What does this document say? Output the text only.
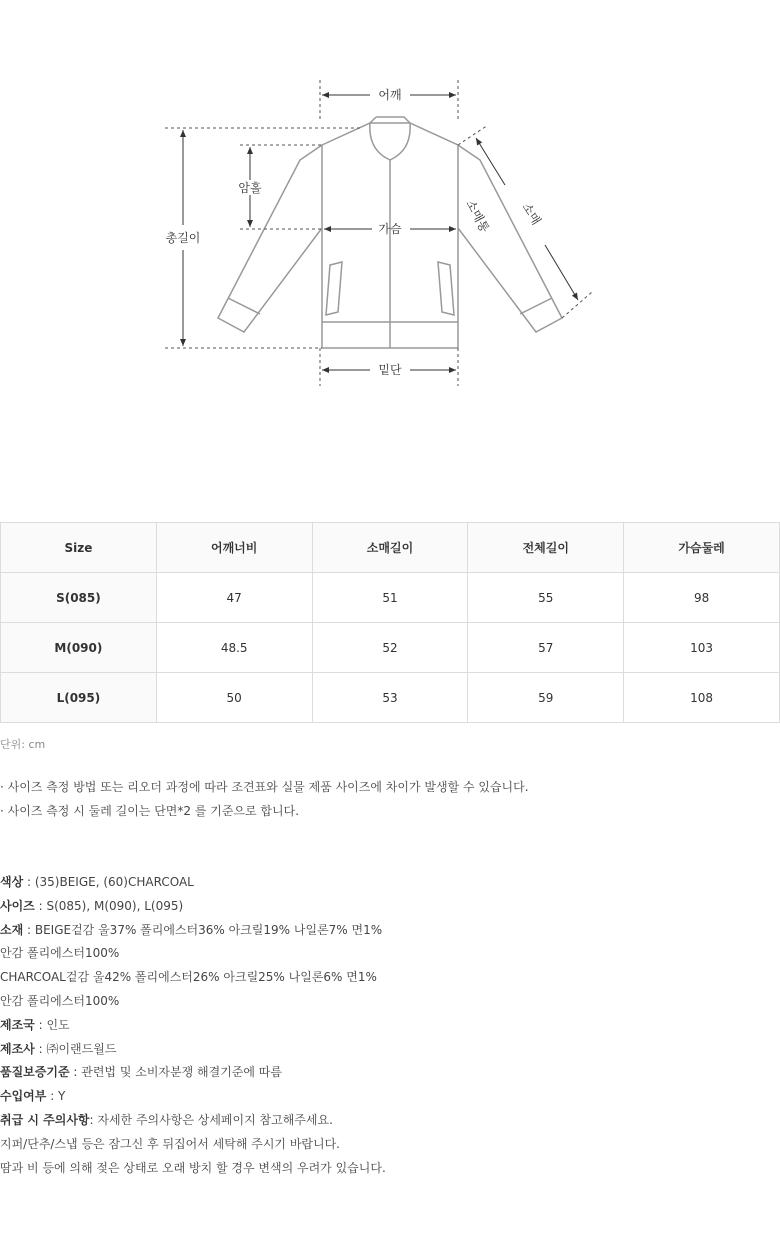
어깨
총길이
암홀
가슴
밑단
소매통 소매
Size	어깨너비	소매길이	전체길이	가슴둘레
S(085)	47	51	55	98
M(090)	48.5	52	57	103
L(095)	50	53	59	108
단위: cm
· 사이즈 측정 방법 또는 리오더 과정에 따라 조견표와 실물 제품 사이즈에 차이가 발생할 수 있습니다.
· 사이즈 측정 시 둘레 길이는 단면*2 를 기준으로 합니다.
색상 : (35)BEIGE, (60)CHARCOAL
사이즈 : S(085), M(090), L(095)
소재 : BEIGE겉감 울37% 폴리에스터36% 아크릴19% 나일론7% 면1%
안감 폴리에스터100%
CHARCOAL겉감 울42% 폴리에스터26% 아크릴25% 나일론6% 면1%
안감 폴리에스터100%
제조국 : 인도
제조사 : ㈜이랜드월드
품질보증기준 : 관련법 및 소비자분쟁 해결기준에 따름
수입여부 : Y
취급 시 주의사항: 자세한 주의사항은 상세페이지 참고해주세요.
지퍼/단추/스냅 등은 잠그신 후 뒤집어서 세탁해 주시기 바랍니다.
땀과 비 등에 의해 젖은 상태로 오래 방치 할 경우 변색의 우려가 있습니다.
